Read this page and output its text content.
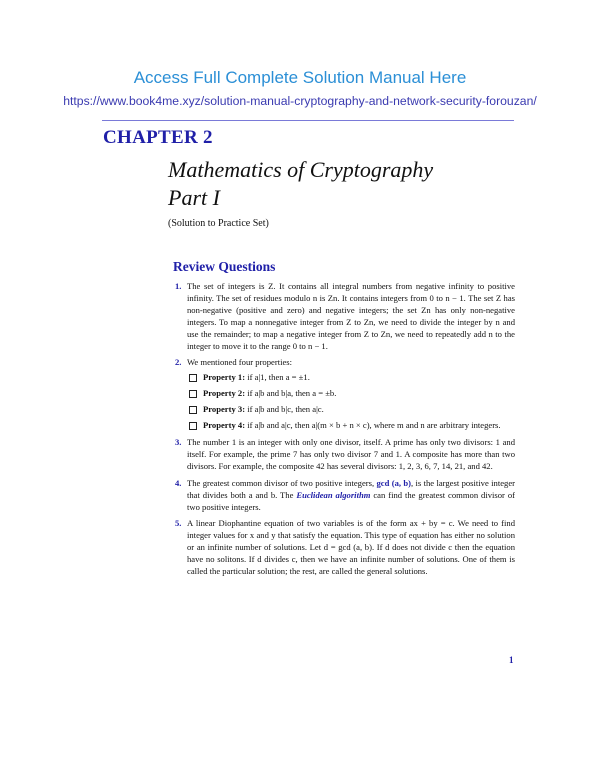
Access Full Complete Solution Manual Here
https://www.book4me.xyz/solution-manual-cryptography-and-network-security-forouzan/
CHAPTER 2
Mathematics of Cryptography
Part I
(Solution to Practice Set)
Review Questions
1. The set of integers is Z. It contains all integral numbers from negative infinity to positive infinity. The set of residues modulo n is Zn. It contains integers from 0 to n − 1. The set Z has non-negative (positive and zero) and negative integers; the set Zn has only non-negative integers. To map a nonnegative integer from Z to Zn, we need to divide the integer by n and use the remainder; to map a negative integer from Z to Zn, we need to repeatedly add n to the integer to move it to the range 0 to n − 1.
2. We mentioned four properties:
Property 1: if a|1, then a = ±1.
Property 2: if a|b and b|a, then a = ±b.
Property 3: if a|b and b|c, then a|c.
Property 4: if a|b and a|c, then a|(m × b + n × c), where m and n are arbitrary integers.
3. The number 1 is an integer with only one divisor, itself. A prime has only two divisors: 1 and itself. For example, the prime 7 has only two divisor 7 and 1. A composite has more than two divisors. For example, the composite 42 has several divisors: 1, 2, 3, 6, 7, 14, 21, and 42.
4. The greatest common divisor of two positive integers, gcd (a, b), is the largest positive integer that divides both a and b. The Euclidean algorithm can find the greatest common divisor of two positive integers.
5. A linear Diophantine equation of two variables is of the form ax + by = c. We need to find integer values for x and y that satisfy the equation. This type of equation has either no solution or an infinite number of solutions. Let d = gcd (a, b). If d does not divide c then the equation have no solitons. If d divides c, then we have an infinite number of solutions. One of them is called the particular solution; the rest, are called the general solutions.
1
